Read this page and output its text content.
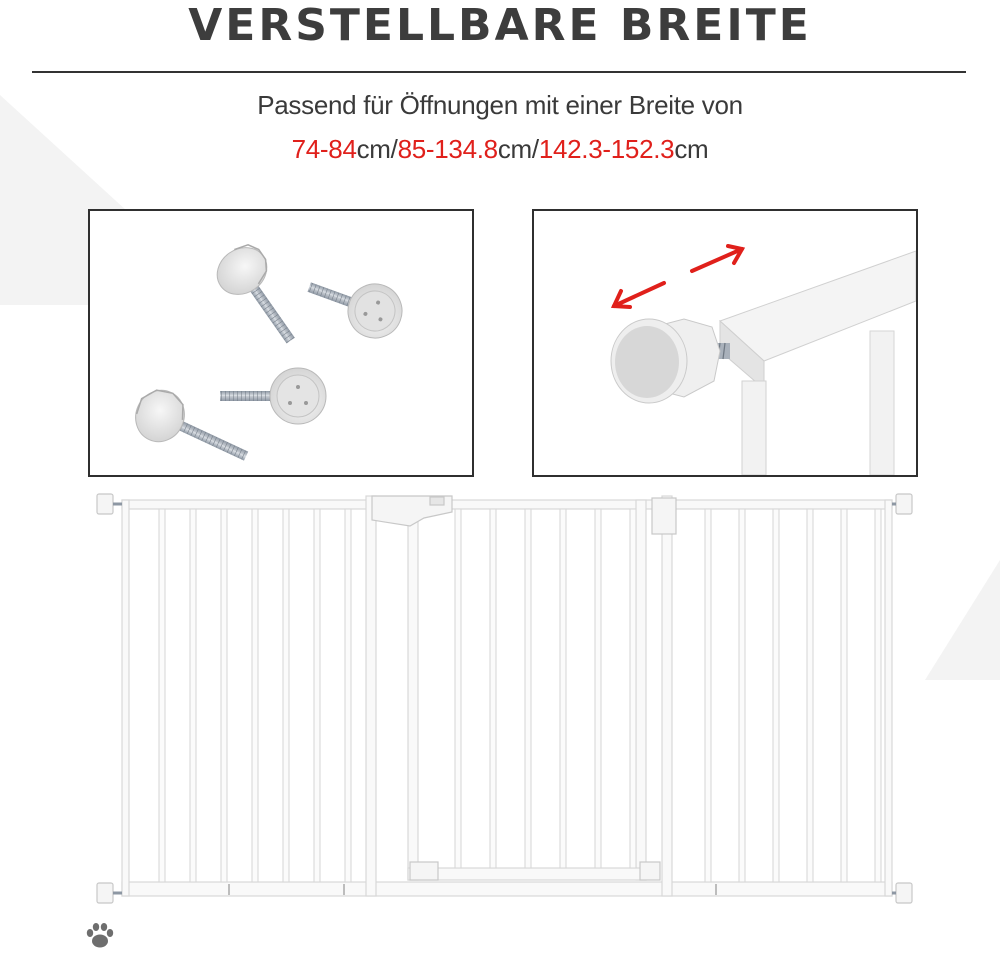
VERSTELLBARE BREITE
Passend für Öffnungen mit einer Breite von
74-84cm/85-134.8cm/142.3-152.3cm
